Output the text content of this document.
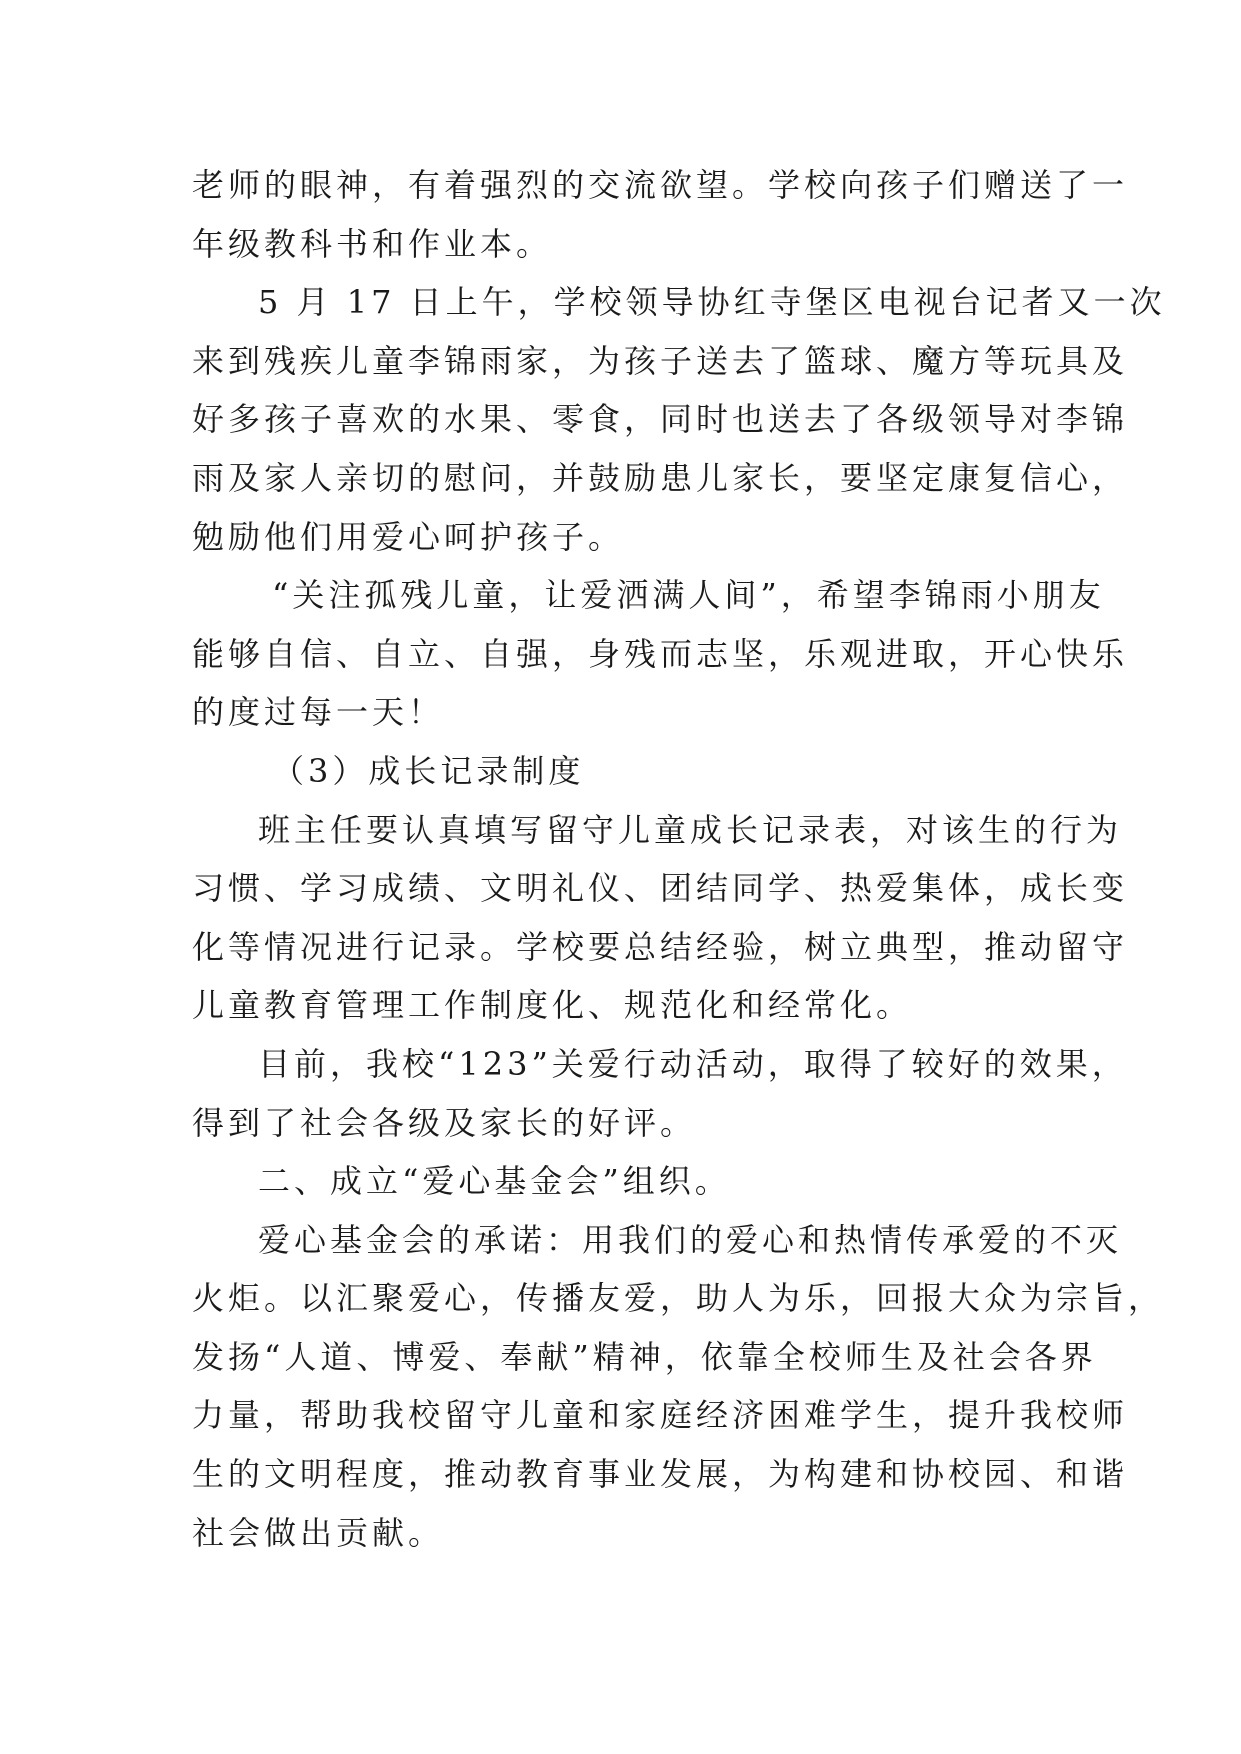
老师的眼神，有着强烈的交流欲望。学校向孩子们赠送了一
年级教科书和作业本。
5 月 17 日上午，学校领导协红寺堡区电视台记者又一次
来到残疾儿童李锦雨家，为孩子送去了篮球、魔方等玩具及
好多孩子喜欢的水果、零食，同时也送去了各级领导对李锦
雨及家人亲切的慰问，并鼓励患儿家长，要坚定康复信心，
勉励他们用爱心呵护孩子。
“关注孤残儿童，让爱洒满人间”，希望李锦雨小朋友
能够自信、自立、自强，身残而志坚，乐观进取，开心快乐
的度过每一天！
（3）成长记录制度
班主任要认真填写留守儿童成长记录表，对该生的行为
习惯、学习成绩、文明礼仪、团结同学、热爱集体，成长变
化等情况进行记录。学校要总结经验，树立典型，推动留守
儿童教育管理工作制度化、规范化和经常化。
目前，我校“123”关爱行动活动，取得了较好的效果，
得到了社会各级及家长的好评。
二、成立“爱心基金会”组织。
爱心基金会的承诺：用我们的爱心和热情传承爱的不灭
火炬。以汇聚爱心，传播友爱，助人为乐，回报大众为宗旨，
发扬“人道、博爱、奉献”精神，依靠全校师生及社会各界
力量，帮助我校留守儿童和家庭经济困难学生，提升我校师
生的文明程度，推动教育事业发展，为构建和协校园、和谐
社会做出贡献。
